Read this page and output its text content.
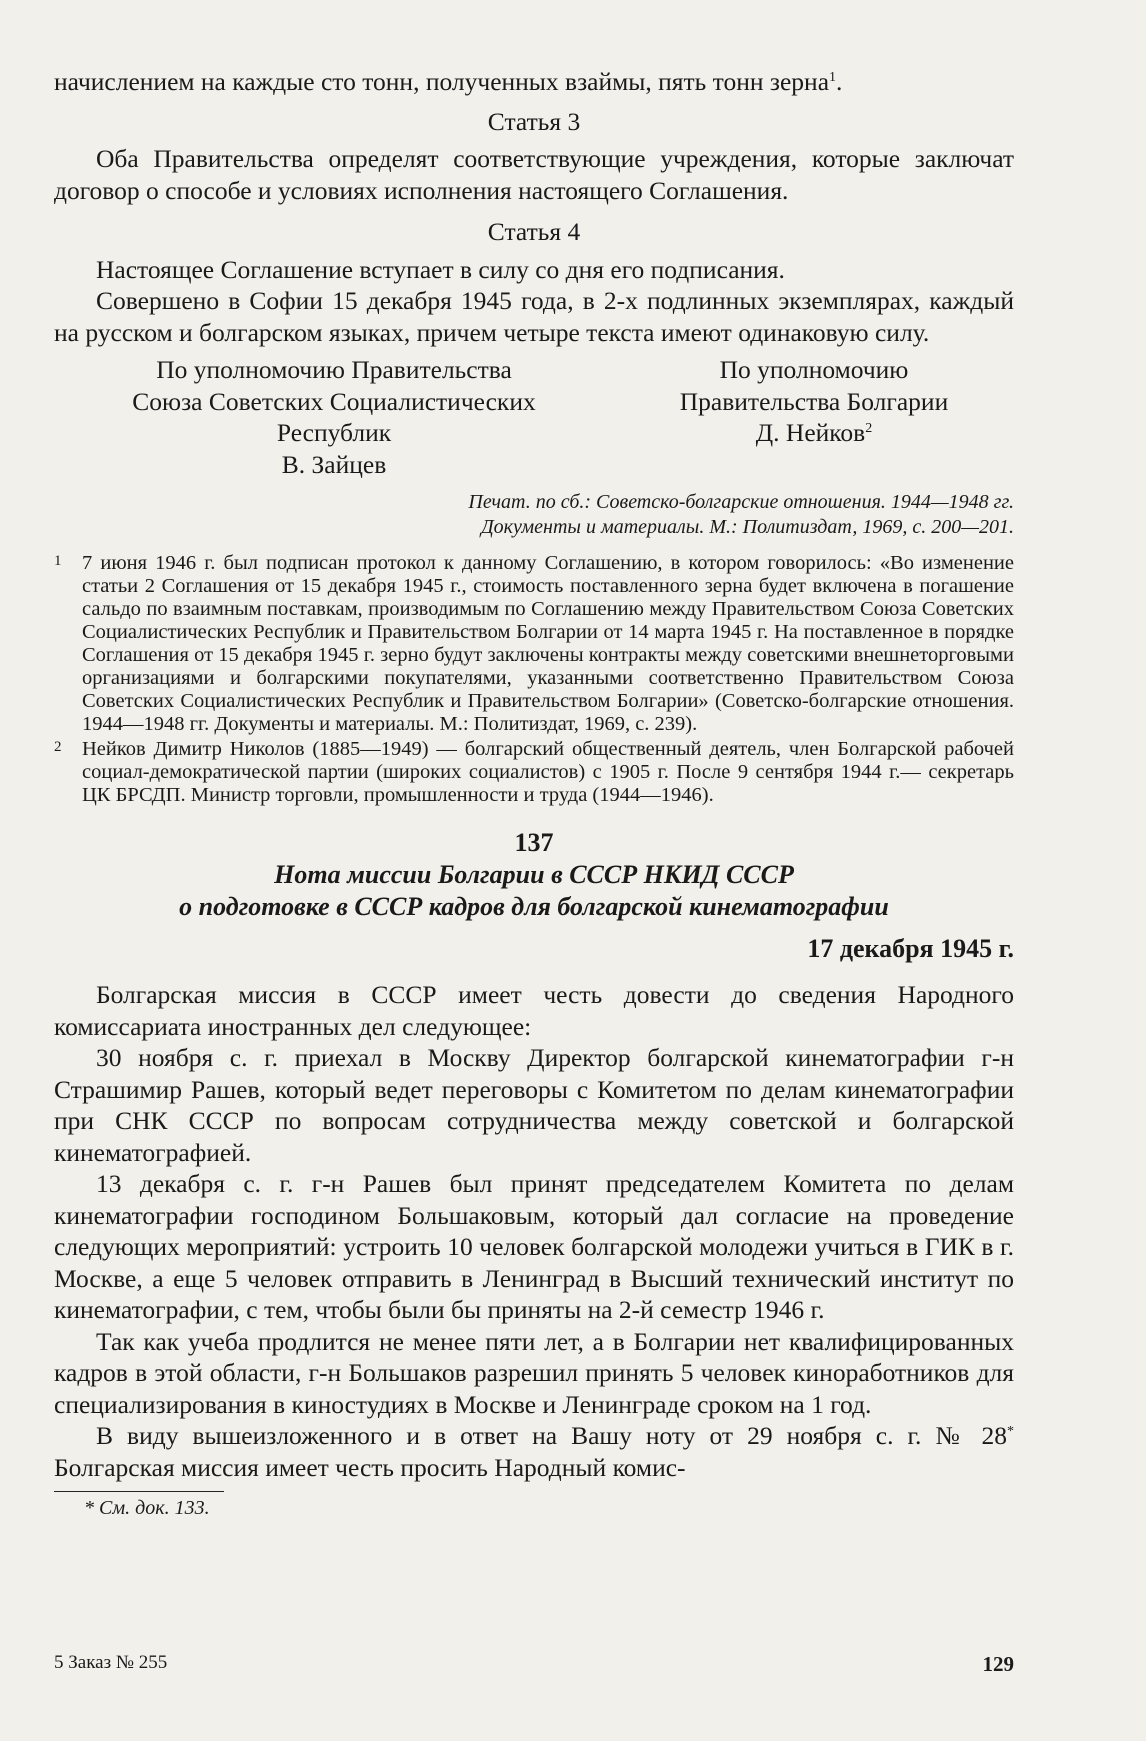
начислением на каждые сто тонн, полученных взаймы, пять тонн зерна$^1$.

Статья 3

Оба Правительства определят соответствующие учреждения, которые заключат договор о способе и условиях исполнения настоящего Соглашения.

Статья 4

Настоящее Соглашение вступает в силу со дня его подписания.

Совершено в Софии 15 декабря 1945 года, в 2-х подлинных экземплярах, каждый на русском и болгарском языках, причем четыре текста имеют одинаковую силу.

По уполномочию Правительства
Союза Советских Социалистических
Республик
В. Зайцев
По уполномочию
Правительства Болгарии
Д. Нейков$^2$
Печат. по сб.: Советско-болгарские отношения. 1944—1948 гг.
Документы и материалы. М.: Политиздат, 1969, с. 200—201.
1 7 июня 1946 г. был подписан протокол к данному Соглашению, в котором говорилось: «Во изменение статьи 2 Соглашения от 15 декабря 1945 г., стоимость поставленного зерна будет включена в погашение сальдо по взаимным поставкам, производимым по Соглашению между Правительством Союза Советских Социалистических Республик и Правительством Болгарии от 14 марта 1945 г. На поставленное в порядке Соглашения от 15 декабря 1945 г. зерно будут заключены контракты между советскими внешнеторговыми организациями и болгарскими покупателями, указанными соответственно Правительством Союза Советских Социалистических Республик и Правительством Болгарии» (Советско-болгарские отношения. 1944—1948 гг. Документы и материалы. М.: Политиздат, 1969, с. 239).
2 Нейков Димитр Николов (1885—1949) — болгарский общественный деятель, член Болгарской рабочей социал-демократической партии (широких социалистов) с 1905 г. После 9 сентября 1944 г.— секретарь ЦК БРСДП. Министр торговли, промышленности и труда (1944—1946).
137
Нота миссии Болгарии в СССР НКИД СССР
о подготовке в СССР кадров для болгарской кинематографии
17 декабря 1945 г.

Болгарская миссия в СССР имеет честь довести до сведения Народного комиссариата иностранных дел следующее:

30 ноября с. г. приехал в Москву Директор болгарской кинематографии г-н Страшимир Рашев, который ведет переговоры с Комитетом по делам кинематографии при СНК СССР по вопросам сотрудничества между советской и болгарской кинематографией.

13 декабря с. г. г-н Рашев был принят председателем Комитета по делам кинематографии господином Большаковым, который дал согласие на проведение следующих мероприятий: устроить 10 человек болгарской молодежи учиться в ГИК в г. Москве, а еще 5 человек отправить в Ленинград в Высший технический институт по кинематографии, с тем, чтобы были бы приняты на 2-й семестр 1946 г.

Так как учеба продлится не менее пяти лет, а в Болгарии нет квалифицированных кадров в этой области, г-н Большаков разрешил принять 5 человек киноработников для специализирования в киностудиях в Москве и Ленинграде сроком на 1 год.

В виду вышеизложенного и в ответ на Вашу ноту от 29 ноября с. г. № 28* Болгарская миссия имеет честь просить Народный комис-

* См. док. 133.
5 Заказ № 255	129
